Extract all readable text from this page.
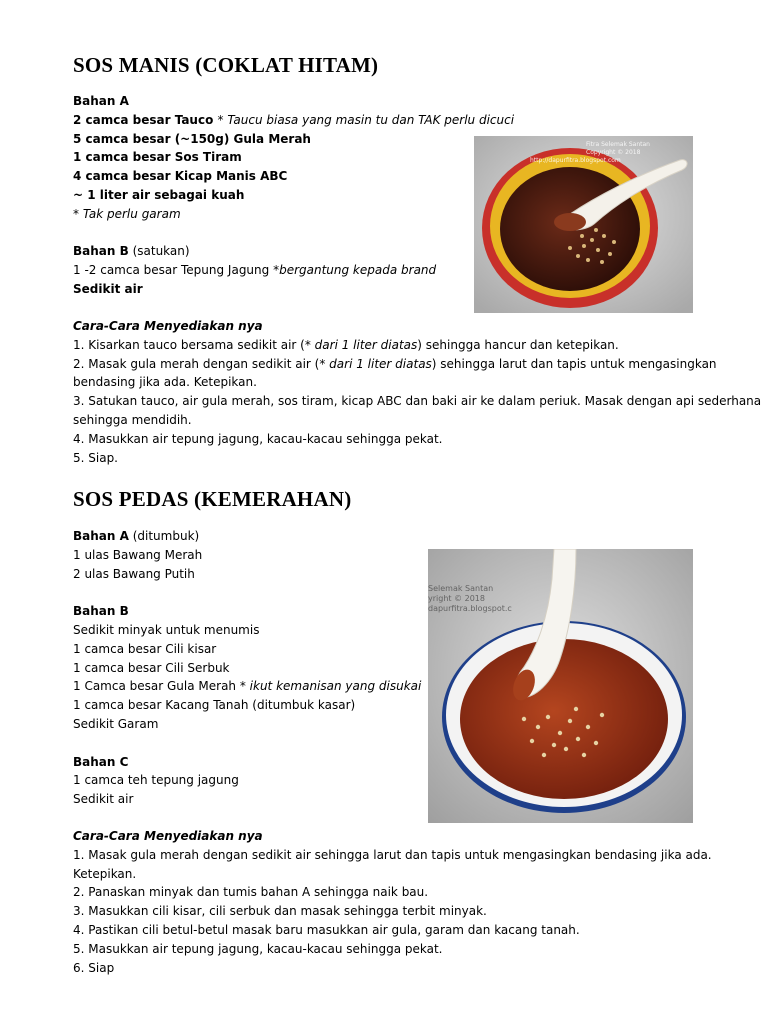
SOS MANIS (COKLAT HITAM)
Bahan A
2 camca besar Tauco * Taucu biasa yang masin tu dan TAK perlu dicuci
5 camca besar (~150g) Gula Merah
1 camca besar Sos Tiram
4 camca besar Kicap Manis ABC
~ 1 liter air sebagai kuah
* Tak perlu garam
Bahan B (satukan)
1 -2 camca besar Tepung Jagung *bergantung kepada brand
Sedikit air
Cara-Cara Menyediakan nya
1. Kisarkan tauco bersama sedikit air (* dari 1 liter diatas) sehingga hancur dan ketepikan.
2. Masak gula merah dengan sedikit air (* dari 1 liter diatas) sehingga larut dan tapis untuk mengasingkan
bendasing jika ada. Ketepikan.
3. Satukan tauco, air gula merah, sos tiram, kicap ABC dan baki air ke dalam periuk. Masak dengan api sederhana
sehingga mendidih.
4. Masukkan air tepung jagung, kacau-kacau sehingga pekat.
5. Siap.
Fitra Selemak Santan
Copyright © 2018
http://dapurfitra.blogspot.com
SOS PEDAS (KEMERAHAN)
Bahan A (ditumbuk)
1 ulas Bawang Merah
2 ulas Bawang Putih
Bahan B
Sedikit minyak untuk menumis
1 camca besar Cili kisar
1 camca besar Cili Serbuk
1 Camca besar Gula Merah * ikut kemanisan yang disukai
1 camca besar Kacang Tanah (ditumbuk kasar)
Sedikit Garam
Bahan C
1 camca teh tepung jagung
Sedikit air
Cara-Cara Menyediakan nya
1. Masak gula merah dengan sedikit air sehingga larut dan tapis untuk mengasingkan bendasing jika ada.
Ketepikan.
2. Panaskan minyak dan tumis bahan A sehingga naik bau.
3. Masukkan cili kisar, cili serbuk dan masak sehingga terbit minyak.
4. Pastikan cili betul-betul masak baru masukkan air gula, garam dan kacang tanah.
5. Masukkan air tepung jagung, kacau-kacau sehingga pekat.
6. Siap
Selemak Santan
yright © 2018
dapurfitra.blogspot.c
